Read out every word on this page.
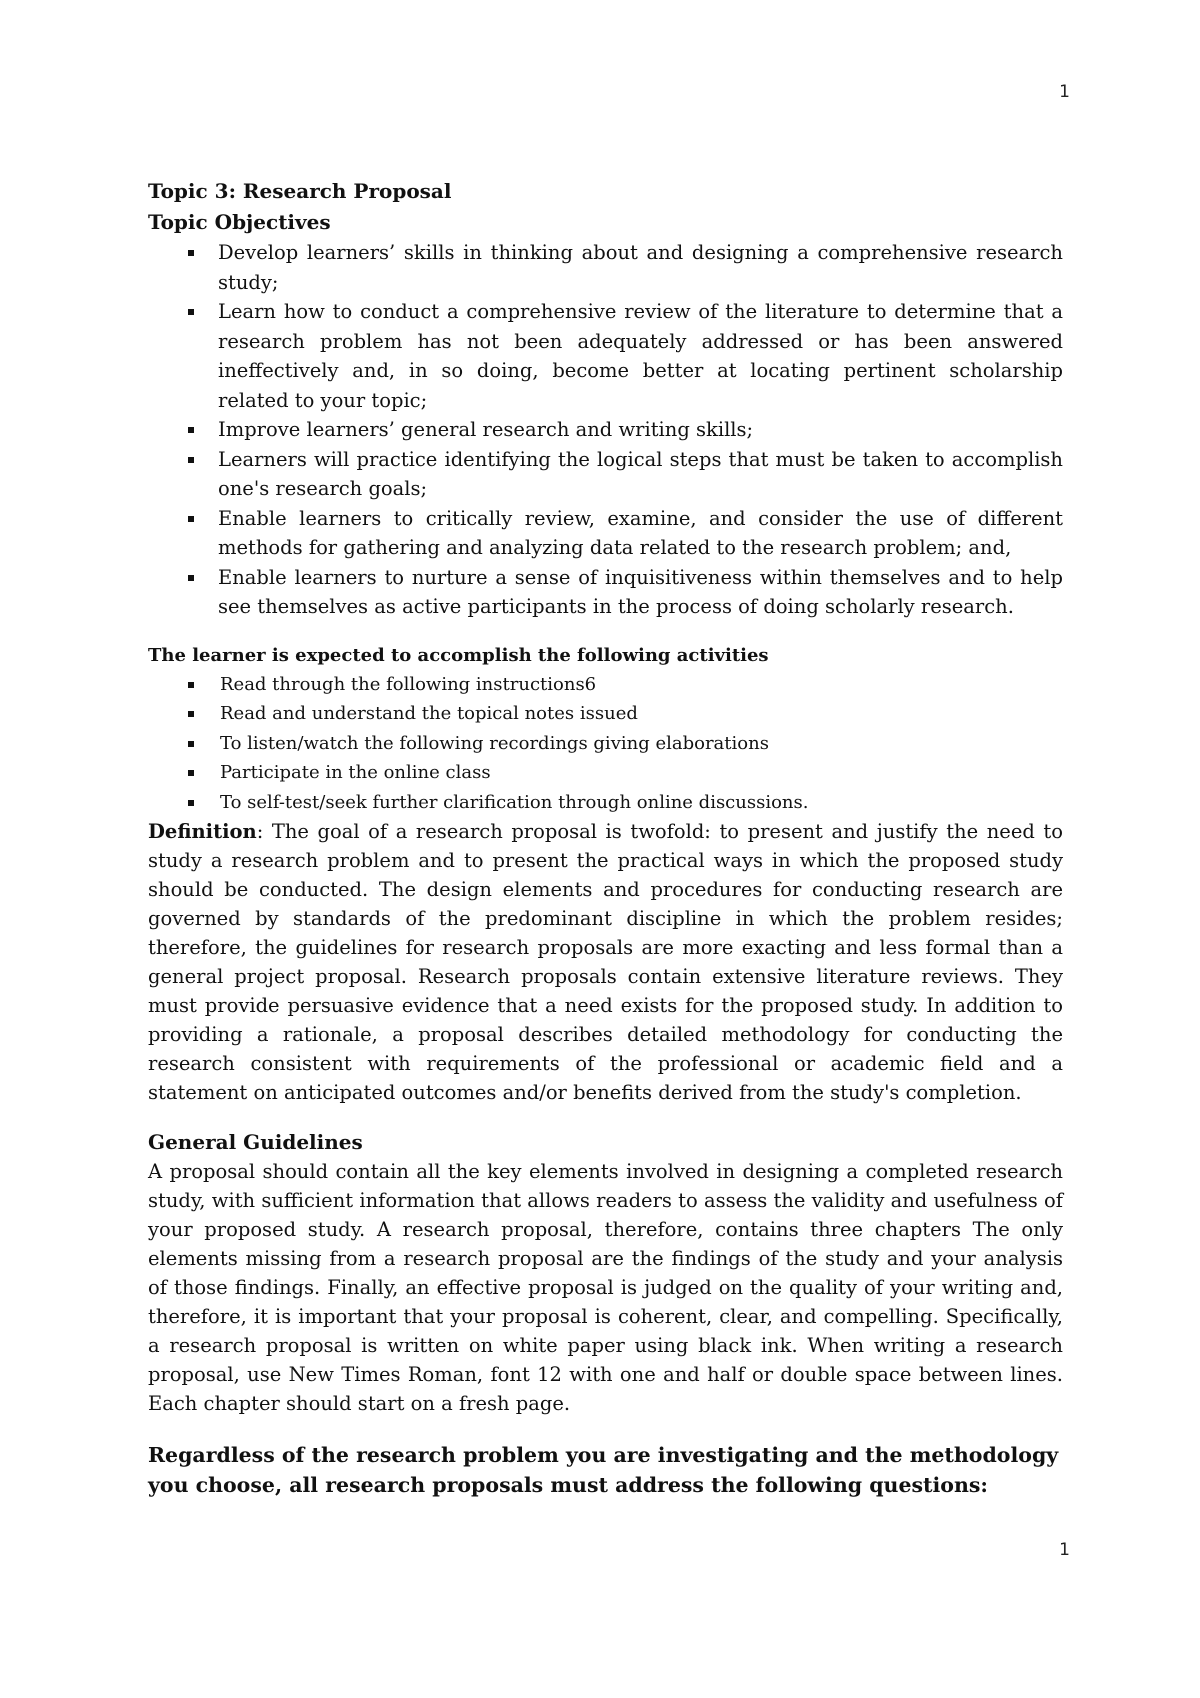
1

Topic 3: Research Proposal

Topic Objectives

Develop learners’ skills in thinking about and designing a comprehensive research study;
Learn how to conduct a comprehensive review of the literature to determine that a research problem has not been adequately addressed or has been answered ineffectively and, in so doing, become better at locating pertinent scholarship related to your topic;
Improve learners’ general research and writing skills;
Learners will practice identifying the logical steps that must be taken to accomplish one's research goals;
Enable learners to critically review, examine, and consider the use of different methods for gathering and analyzing data related to the research problem; and,
Enable learners to nurture a sense of inquisitiveness within themselves and to help see themselves as active participants in the process of doing scholarly research.

The learner is expected to accomplish the following activities

Read through the following instructions6
Read and understand the topical notes issued
To listen/watch the following recordings giving elaborations
Participate in the online class
To self-test/seek further clarification through online discussions.

Definition: The goal of a research proposal is twofold: to present and justify the need to study a research problem and to present the practical ways in which the proposed study should be conducted. The design elements and procedures for conducting research are governed by standards of the predominant discipline in which the problem resides; therefore, the guidelines for research proposals are more exacting and less formal than a general project proposal. Research proposals contain extensive literature reviews. They must provide persuasive evidence that a need exists for the proposed study. In addition to providing a rationale, a proposal describes detailed methodology for conducting the research consistent with requirements of the professional or academic field and a statement on anticipated outcomes and/or benefits derived from the study's completion.

General Guidelines

A proposal should contain all the key elements involved in designing a completed research study, with sufficient information that allows readers to assess the validity and usefulness of your proposed study. A research proposal, therefore, contains three chapters The only elements missing from a research proposal are the findings of the study and your analysis of those findings. Finally, an effective proposal is judged on the quality of your writing and, therefore, it is important that your proposal is coherent, clear, and compelling. Specifically, a research proposal is written on white paper using black ink. When writing a research proposal, use New Times Roman, font 12 with one and half or double space between lines. Each chapter should start on a fresh page.

Regardless of the research problem you are investigating and the methodology you choose, all research proposals must address the following questions:

1
